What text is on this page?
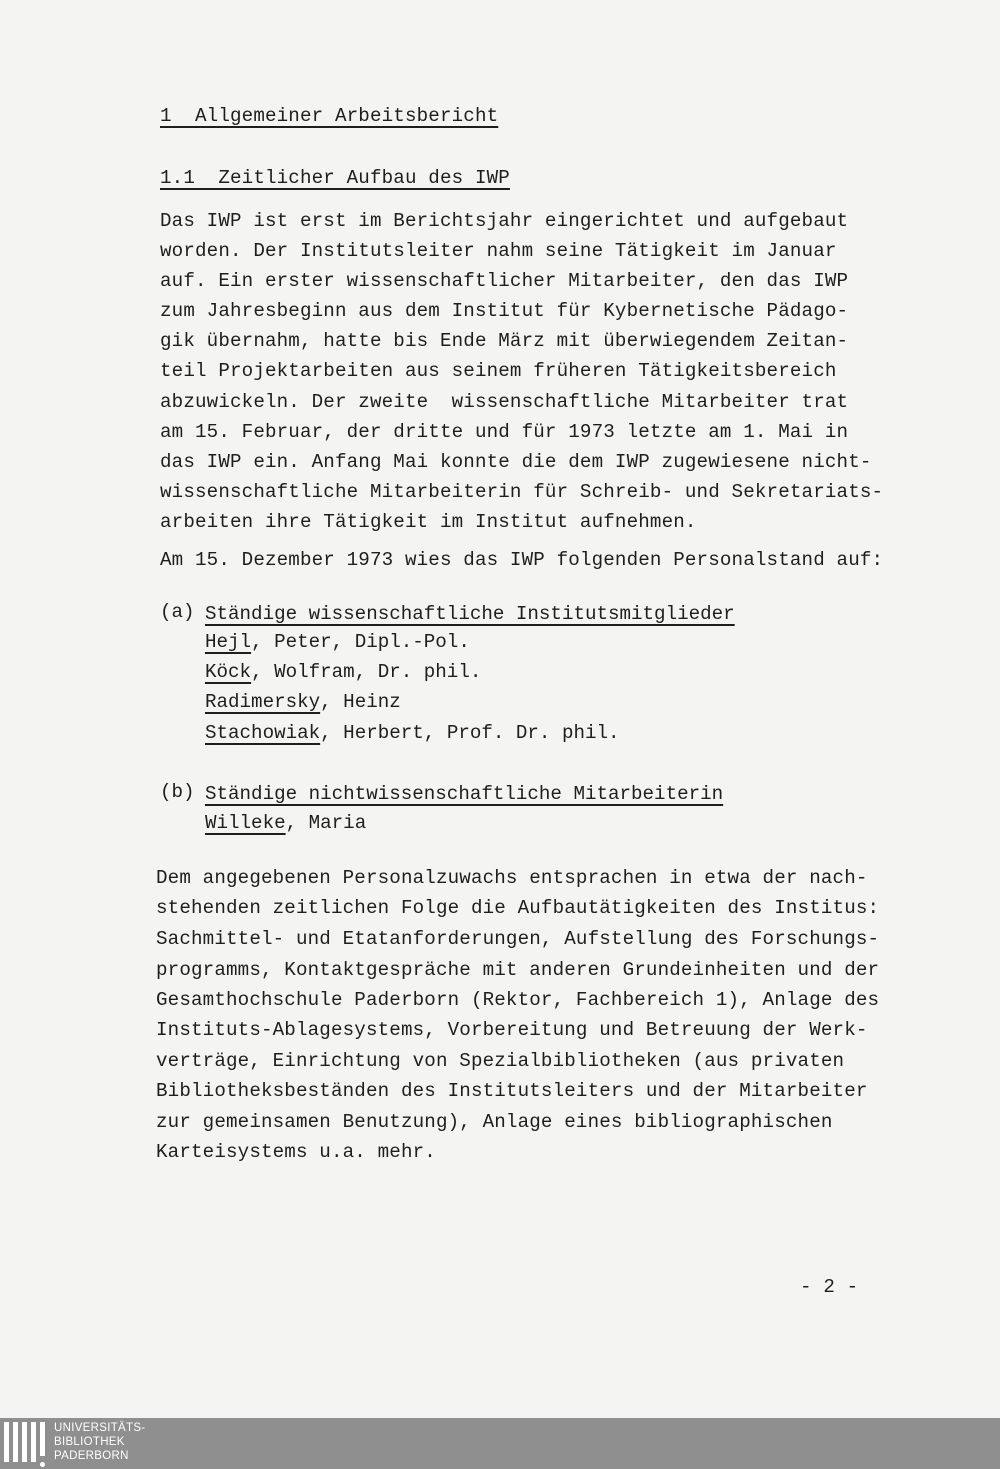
1  Allgemeiner Arbeitsbericht
1.1  Zeitlicher Aufbau des IWP
Das IWP ist erst im Berichtsjahr eingerichtet und aufgebaut
worden. Der Institutsleiter nahm seine Tätigkeit im Januar
auf. Ein erster wissenschaftlicher Mitarbeiter, den das IWP
zum Jahresbeginn aus dem Institut für Kybernetische Pädago-
gik übernahm, hatte bis Ende März mit überwiegendem Zeitan-
teil Projektarbeiten aus seinem früheren Tätigkeitsbereich
abzuwickeln. Der zweite  wissenschaftliche Mitarbeiter trat
am 15. Februar, der dritte und für 1973 letzte am 1. Mai in
das IWP ein. Anfang Mai konnte die dem IWP zugewiesene nicht-
wissenschaftliche Mitarbeiterin für Schreib- und Sekretariats-
arbeiten ihre Tätigkeit im Institut aufnehmen.
Am 15. Dezember 1973 wies das IWP folgenden Personalstand auf:
(a) Ständige wissenschaftliche Institutsmitglieder
Hejl, Peter, Dipl.-Pol.
Köck, Wolfram, Dr. phil.
Radimersky, Heinz
Stachowiak, Herbert, Prof. Dr. phil.
(b) Ständige nichtwissenschaftliche Mitarbeiterin
Willeke, Maria
Dem angegebenen Personalzuwachs entsprachen in etwa der nach-
stehenden zeitlichen Folge die Aufbautätigkeiten des Institus:
Sachmittel- und Etatanforderungen, Aufstellung des Forschungs-
programms, Kontaktgespräche mit anderen Grundeinheiten und der
Gesamthochschule Paderborn (Rektor, Fachbereich 1), Anlage des
Instituts-Ablagesystems, Vorbereitung und Betreuung der Werk-
verträge, Einrichtung von Spezialbibliotheken (aus privaten
Bibliotheksbeständen des Institutsleiters und der Mitarbeiter
zur gemeinsamen Benutzung), Anlage eines bibliographischen
Karteisystems u.a. mehr.
- 2 -
UNIVERSITÄTS-
BIBLIOTHEK
PADERBORN
